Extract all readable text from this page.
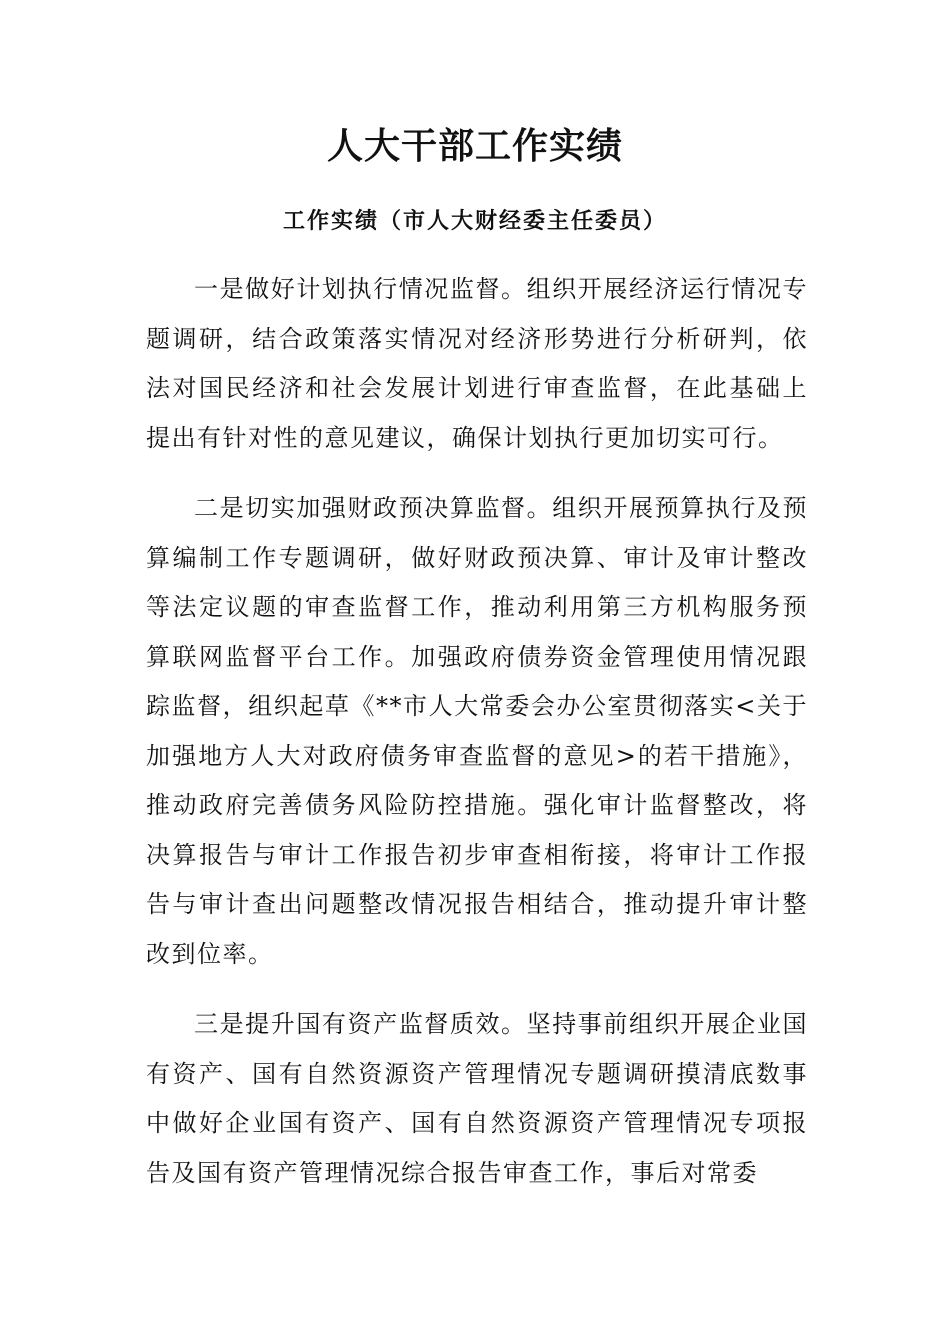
人大干部工作实绩
工作实绩（市人大财经委主任委员）

一是做好计划执行情况监督。组织开展经济运行情况专题调研，结合政策落实情况对经济形势进行分析研判，依法对国民经济和社会发展计划进行审查监督，在此基础上提出有针对性的意见建议，确保计划执行更加切实可行。

二是切实加强财政预决算监督。组织开展预算执行及预算编制工作专题调研，做好财政预决算、审计及审计整改等法定议题的审查监督工作，推动利用第三方机构服务预算联网监督平台工作。加强政府债券资金管理使用情况跟踪监督，组织起草《**市人大常委会办公室贯彻落实<关于加强地方人大对政府债务审查监督的意见>的若干措施》，推动政府完善债务风险防控措施。强化审计监督整改，将决算报告与审计工作报告初步审查相衔接，将审计工作报告与审计查出问题整改情况报告相结合，推动提升审计整改到位率。

三是提升国有资产监督质效。坚持事前组织开展企业国有资产、国有自然资源资产管理情况专题调研摸清底数事中做好企业国有资产、国有自然资源资产管理情况专项报告及国有资产管理情况综合报告审查工作，事后对常委
